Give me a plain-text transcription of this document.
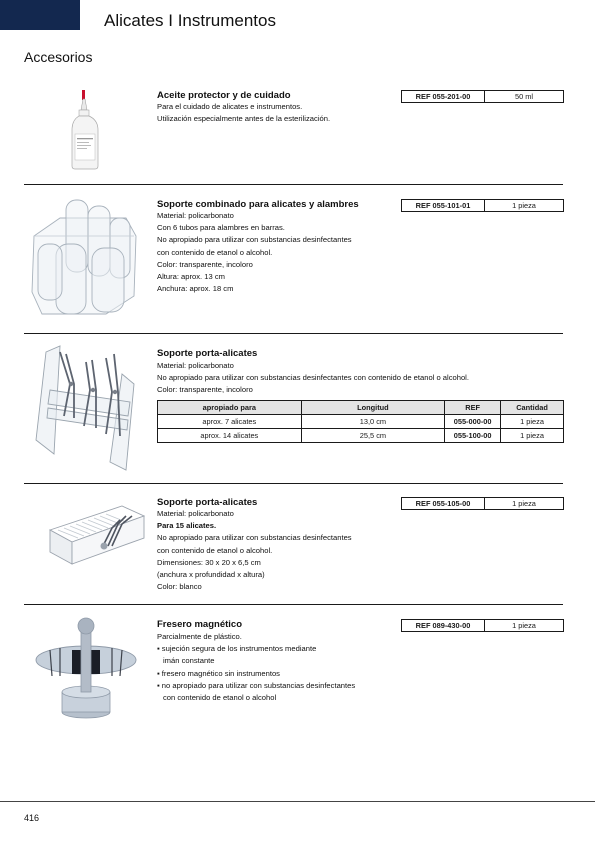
Alicates I Instrumentos
Accesorios
Aceite protector y de cuidado	REF 055-201-00	50 ml
Para el cuidado de alicates e instrumentos.
Utilización especialmente antes de la esterilización.
Soporte combinado para alicates y alambres	REF 055-101-01	1 pieza
Material: policarbonato
Con 6 tubos para alambres en barras.
No apropiado para utilizar con substancias desinfectantes
con contenido de etanol o alcohol.
Color: transparente, incoloro
Altura: aprox. 13 cm
Anchura: aprox. 18 cm
Soporte porta-alicates
Material: policarbonato
No apropiado para utilizar con substancias desinfectantes con contenido de etanol o alcohol.
Color: transparente, incoloro
apropiado para	Longitud	REF	Cantidad
aprox. 7 alicates	13,0 cm	055-000-00	1 pieza
aprox. 14 alicates	25,5 cm	055-100-00	1 pieza
Soporte porta-alicates	REF 055-105-00	1 pieza
Material: policarbonato
Para 15 alicates.
No apropiado para utilizar con substancias desinfectantes
con contenido de etanol o alcohol.
Dimensiones: 30 x 20 x 6,5 cm
(anchura x profundidad x altura)
Color: blanco
Fresero magnético	REF 089-430-00	1 pieza
Parcialmente de plástico.
▪ sujeción segura de los instrumentos mediante
imán constante
▪ fresero magnético sin instrumentos
▪ no apropiado para utilizar con substancias desinfectantes
con contenido de etanol o alcohol
416
